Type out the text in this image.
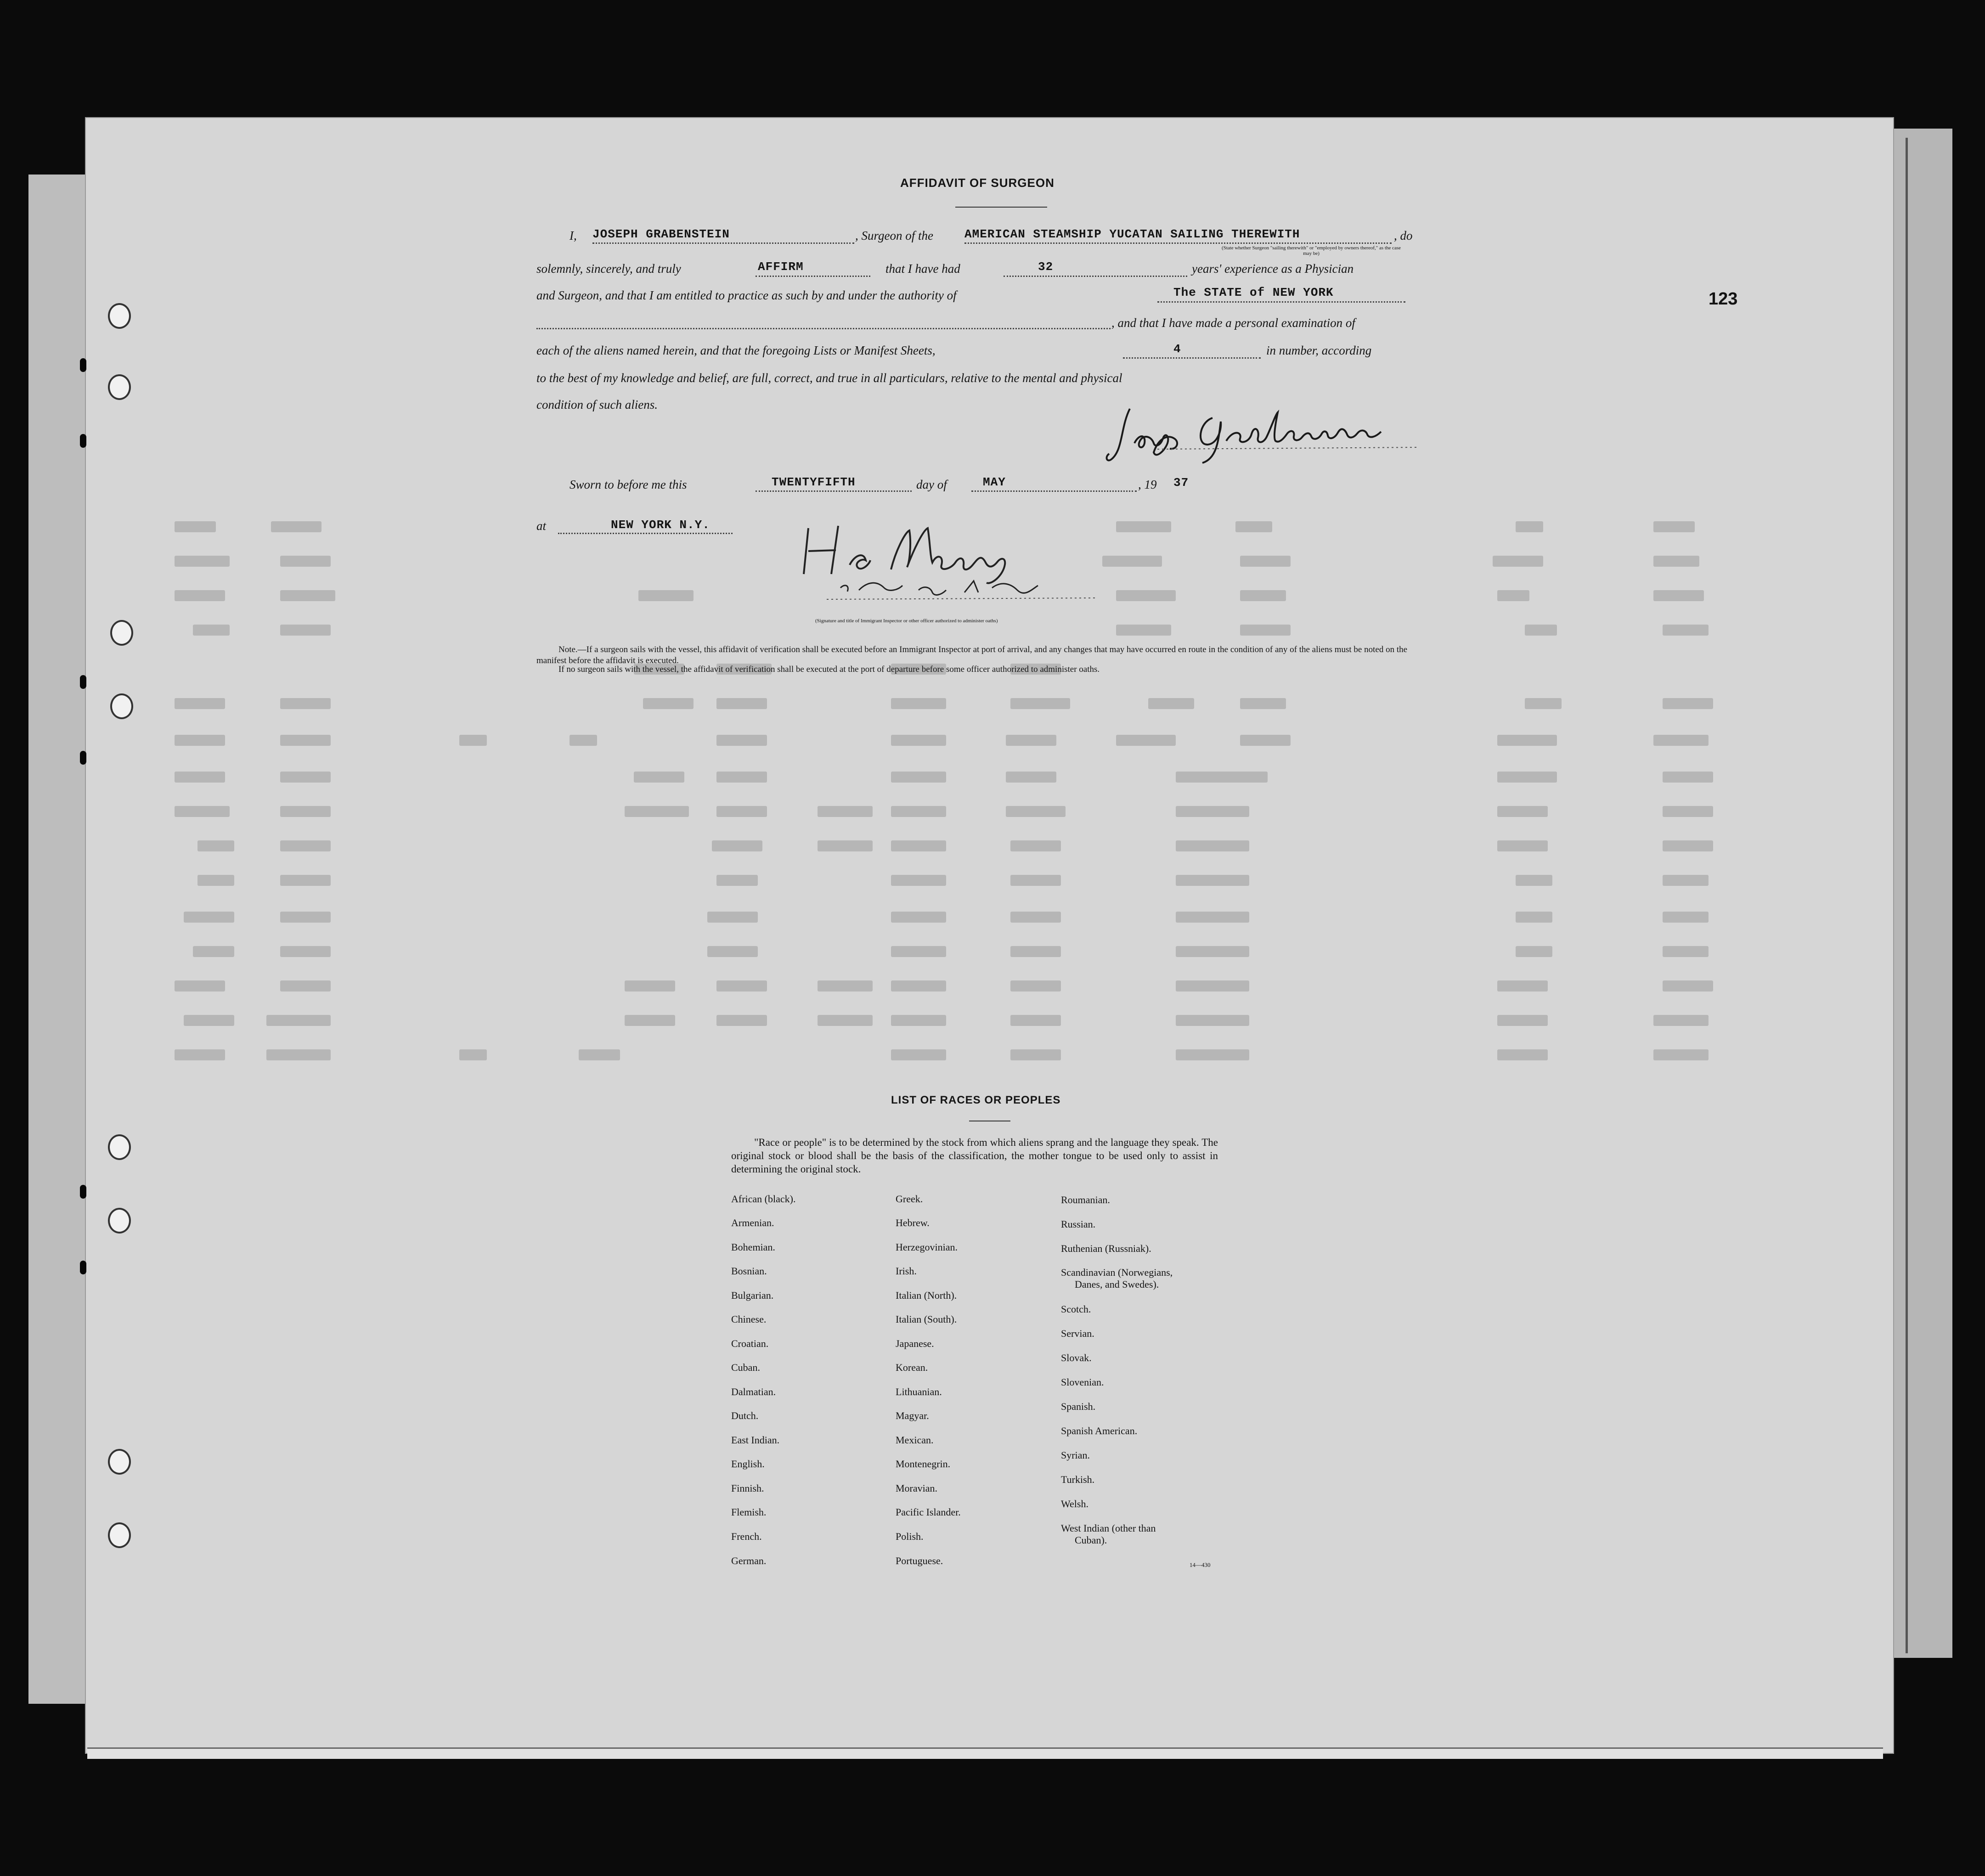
AFFIDAVIT OF SURGEON
I, JOSEPH GRABENSTEIN	, Surgeon of the	AMERICAN STEAMSHIP YUCATAN SAILING THEREWITH	, do
(State whether Surgeon "sailing therewith" or "employed by owners thereof," as the case may be)
solemnly, sincerely, and truly	AFFIRM	that I have had	32	years' experience as a Physician
and Surgeon, and that I am entitled to practice as such by and under the authority of	The STATE of NEW YORK
, and that I have made a personal examination of
each of the aliens named herein, and that the foregoing Lists or Manifest Sheets,	4	in number, according
to the best of my knowledge and belief, are full, correct, and true in all particulars, relative to the mental and physical
condition of such aliens.
Sworn to before me this	TWENTYFIFTH	day of	MAY	, 19 37
at	NEW YORK N.Y.
(Signature and title of Immigrant Inspector or other officer authorized to administer oaths)
Note.—If a surgeon sails with the vessel, this affidavit of verification shall be executed before an Immigrant Inspector at port of arrival, and any changes that may have occurred en route in the condition of any of the aliens must be noted on the manifest before the affidavit is executed.
If no surgeon sails with the vessel, the affidavit of verification shall be executed at the port of departure before some officer authorized to administer oaths.
123
LIST OF RACES OR PEOPLES
"Race or people" is to be determined by the stock from which aliens sprang and the language they speak. The original stock or blood shall be the basis of the classification, the mother tongue to be used only to assist in determining the original stock.
African (black).
Armenian.
Bohemian.
Bosnian.
Bulgarian.
Chinese.
Croatian.
Cuban.
Dalmatian.
Dutch.
East Indian.
English.
Finnish.
Flemish.
French.
German.
Greek.
Hebrew.
Herzegovinian.
Irish.
Italian (North).
Italian (South).
Japanese.
Korean.
Lithuanian.
Magyar.
Mexican.
Montenegrin.
Moravian.
Pacific Islander.
Polish.
Portuguese.
Roumanian.
Russian.
Ruthenian (Russniak).
Scandinavian (Norwegians,
Danes, and Swedes).
Scotch.
Servian.
Slovak.
Slovenian.
Spanish.
Spanish American.
Syrian.
Turkish.
Welsh.
West Indian (other than
Cuban).
14—430
